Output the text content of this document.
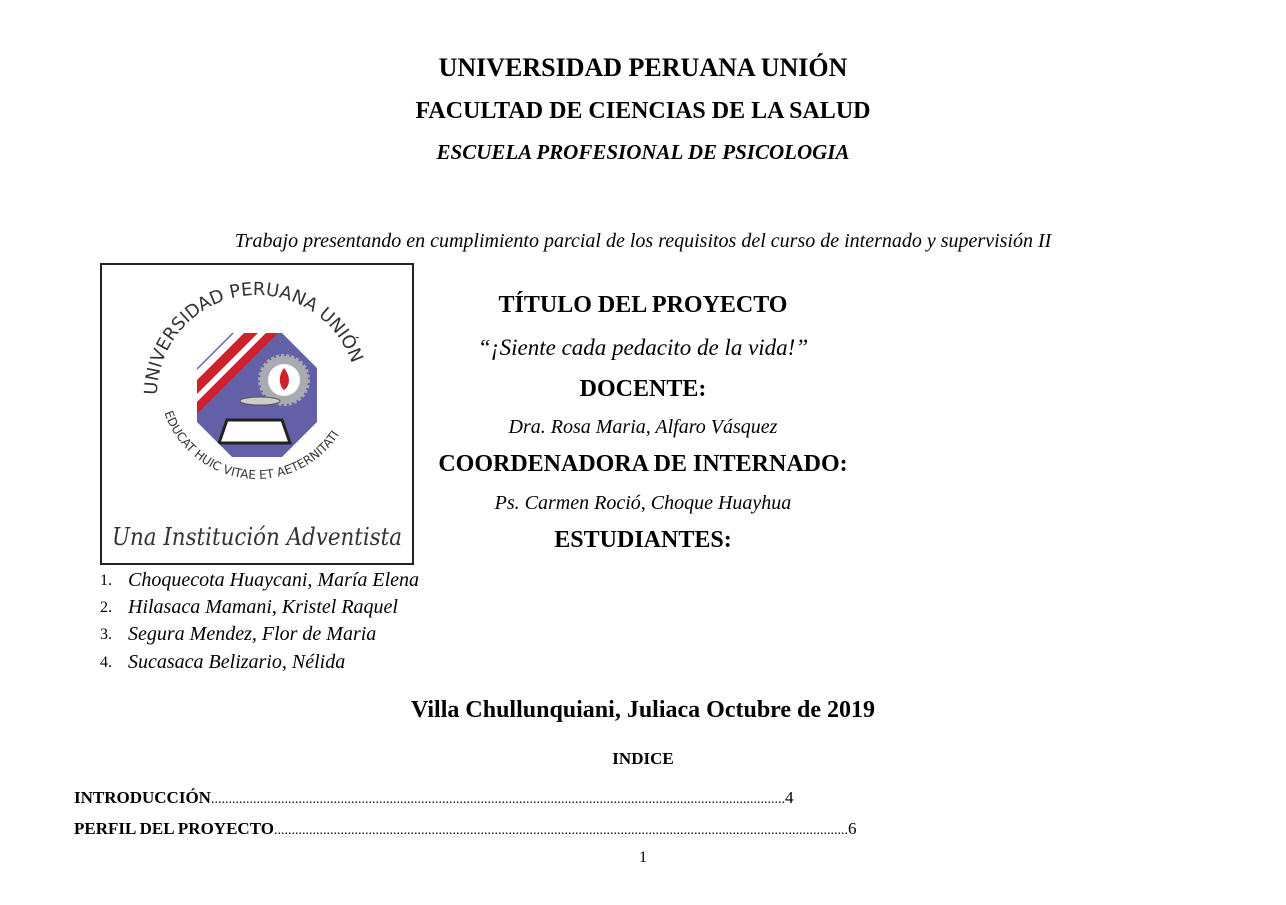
UNIVERSIDAD PERUANA UNIÓN
FACULTAD DE CIENCIAS DE LA SALUD
ESCUELA PROFESIONAL DE PSICOLOGIA
UNIVERSIDAD PERUANA UNIÓN
EDUCAT HUIC VITAE ET AETERNITATI
Una Institución Adventista
Trabajo presentando en cumplimiento parcial de los requisitos del curso de internado y supervisión II
TÍTULO DEL PROYECTO
“¡Siente cada pedacito de la vida!”
DOCENTE:
Dra. Rosa Maria, Alfaro Vásquez
COORDENADORA DE INTERNADO:
Ps. Carmen Roció, Choque Huayhua
ESTUDIANTES:
1. Choquecota Huaycani, María Elena
2. Hilasaca Mamani, Kristel Raquel
3. Segura Mendez, Flor de Maria
4. Sucasaca Belizario, Nélida
Villa Chullunquiani, Juliaca Octubre de 2019
INDICE
INTRODUCCIÓN .................................................................................................................................................................... 4
PERFIL DEL PROYECTO .................................................................................................................................................................... 6
1
